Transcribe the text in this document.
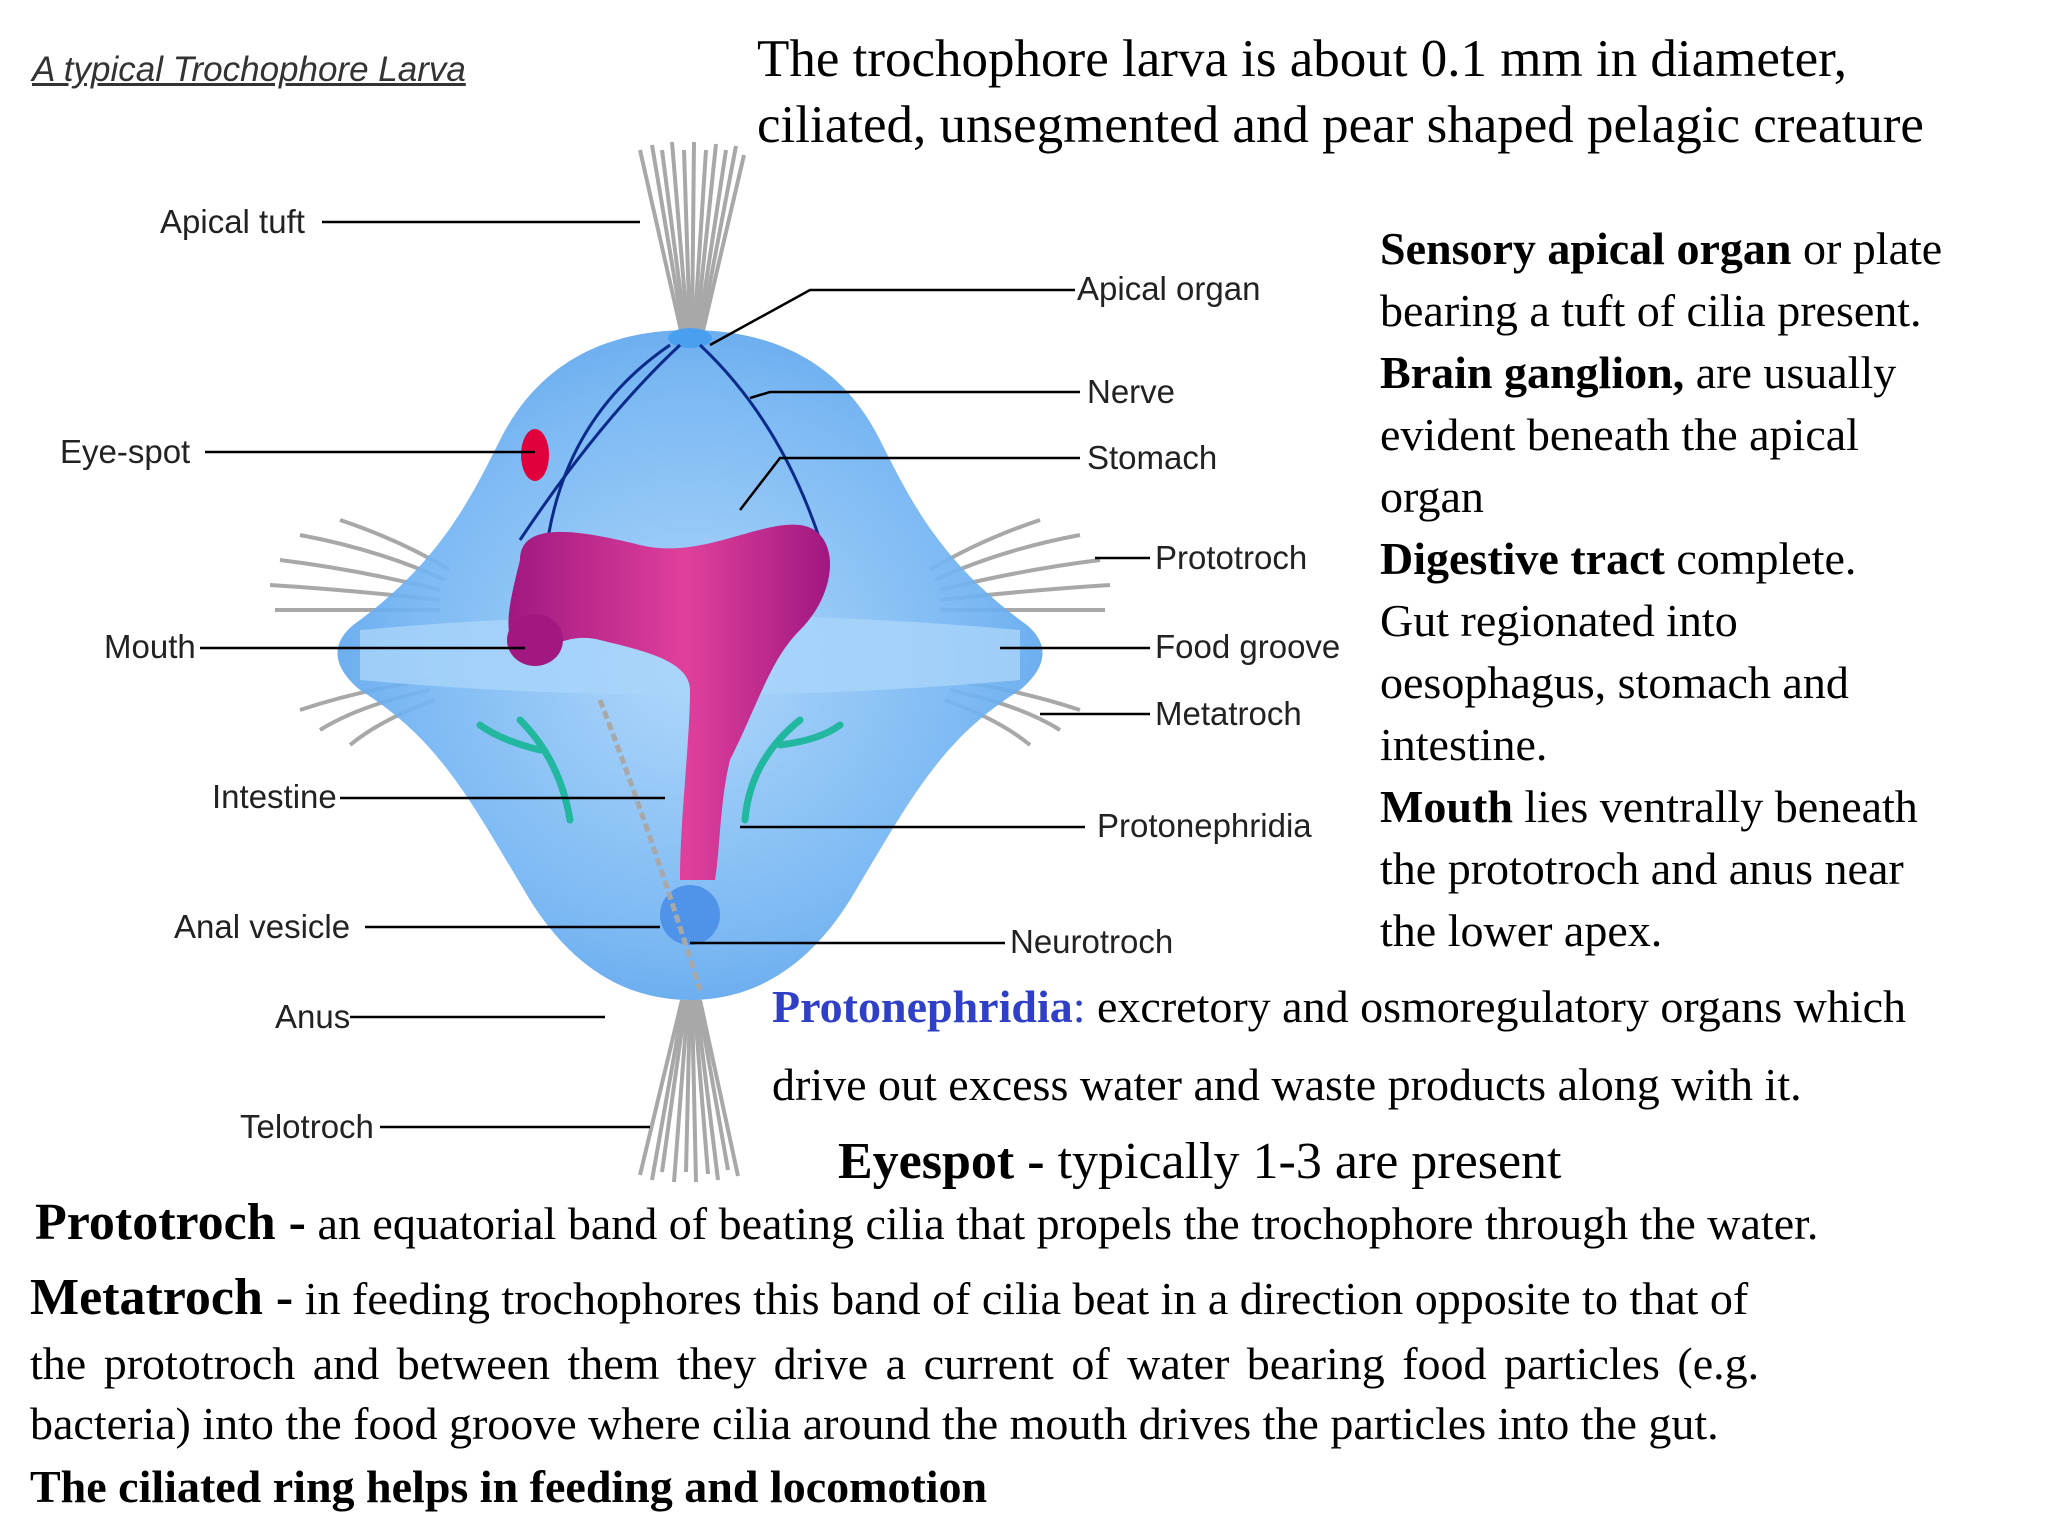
A typical Trochophore Larva
Apical tuft
Eye-spot
Mouth
Intestine
Anal vesicle
Anus
Telotroch
Apical organ
Nerve
Stomach
Prototroch
Food groove
Metatroch
Protonephridia
Neurotroch
The trochophore larva is about 0.1 mm in diameter,
ciliated, unsegmented and pear shaped pelagic creature
Sensory apical organ or plate
bearing a tuft of cilia present.
Brain ganglion, are usually
evident beneath the apical
organ
Digestive tract complete.
Gut regionated into
oesophagus, stomach and
intestine.
Mouth lies ventrally beneath
the prototroch and anus near
the lower apex.
Protonephridia: excretory and osmoregulatory organs which
drive out excess water and waste products along with it.
Eyespot - typically 1-3 are present
Prototroch - an equatorial band of beating cilia that propels the trochophore through the water.
Metatroch - in feeding trochophores this band of cilia beat in a direction opposite to that of
the prototroch and between them they drive a current of water bearing food particles (e.g.
bacteria) into the food groove where cilia around the mouth drives the particles into the gut.
The ciliated ring helps in feeding and locomotion
